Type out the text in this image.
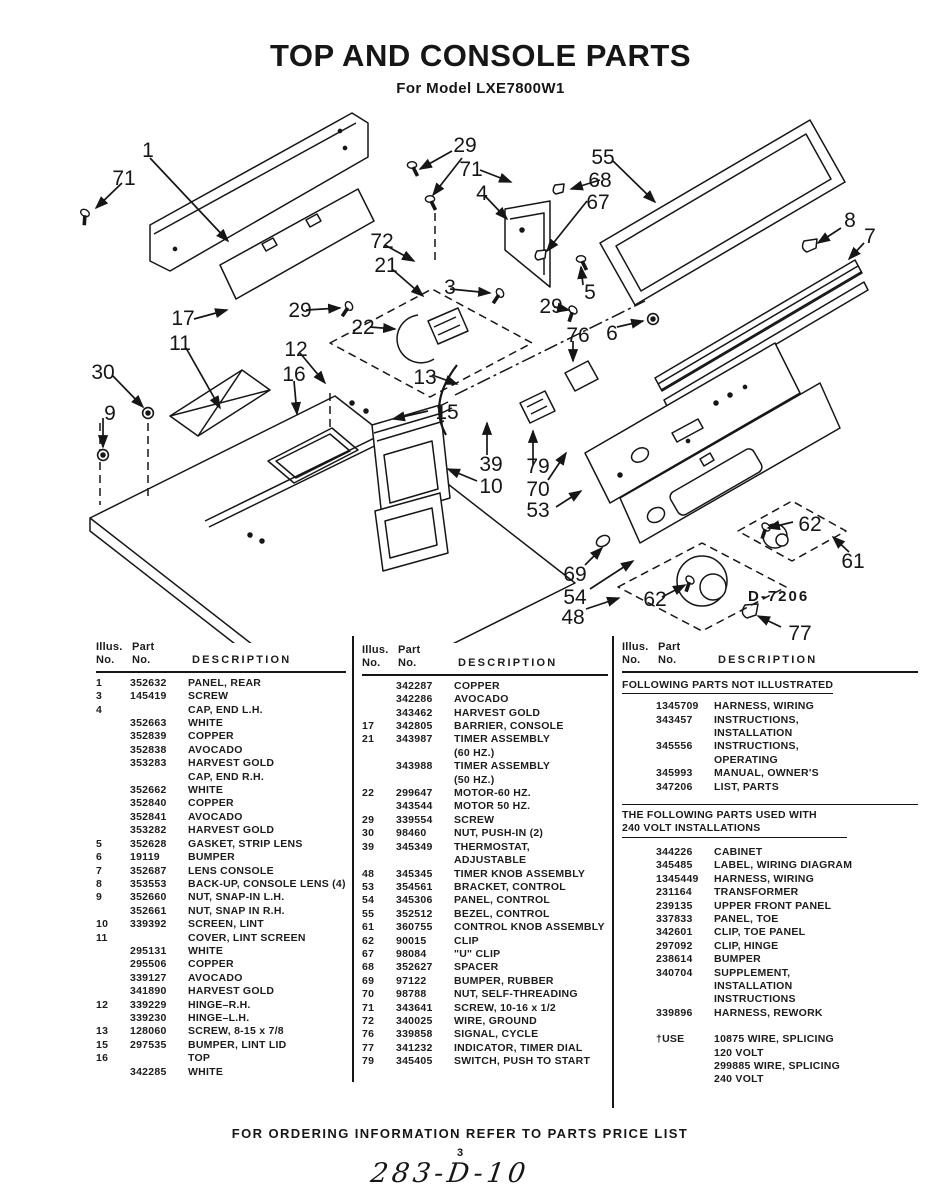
TOP AND CONSOLE PARTS
For Model LXE7800W1
D-7206
1
71
29
71
4
55
68
67
8
7
72
21
3
29
22
5
29
76 6
17
11	12
16	13
30
9	15
39
10
79
70
53
62
61
69
54
48
62
77
Illus. Part
No. No.	DESCRIPTION
1	352632	PANEL, REAR
3	145419	SCREW
4	CAP, END L.H.
352663	WHITE
352839	COPPER
352838	AVOCADO
353283	HARVEST GOLD
CAP, END R.H.
352662	WHITE
352840	COPPER
352841	AVOCADO
353282	HARVEST GOLD
5	352628	GASKET, STRIP LENS
6	19119	BUMPER
7	352687	LENS CONSOLE
8	353553	BACK-UP, CONSOLE LENS (4)
9	352660	NUT, SNAP-IN L.H.
352661	NUT, SNAP IN R.H.
10	339392	SCREEN, LINT
11	COVER, LINT SCREEN
295131	WHITE
295506	COPPER
339127	AVOCADO
341890	HARVEST GOLD
12	339229	HINGE–R.H.
339230	HINGE–L.H.
13	128060	SCREW, 8-15 x 7/8
15	297535	BUMPER, LINT LID
16	TOP
342285	WHITE
Illus. Part
No. No.	DESCRIPTION
342287	COPPER
342286	AVOCADO
343462	HARVEST GOLD
17	342805	BARRIER, CONSOLE
21	343987	TIMER ASSEMBLY
(60 HZ.)
343988	TIMER ASSEMBLY
(50 HZ.)
22	299647	MOTOR-60 HZ.
343544	MOTOR 50 HZ.
29	339554	SCREW
30	98460	NUT, PUSH-IN (2)
39	345349	THERMOSTAT,
ADJUSTABLE
48	345345	TIMER KNOB ASSEMBLY
53	354561	BRACKET, CONTROL
54	345306	PANEL, CONTROL
55	352512	BEZEL, CONTROL
61	360755	CONTROL KNOB ASSEMBLY
62	90015	CLIP
67	98084	"U" CLIP
68	352627	SPACER
69	97122	BUMPER, RUBBER
70	98788	NUT, SELF-THREADING
71	343641	SCREW, 10-16 x 1/2
72	340025	WIRE, GROUND
76	339858	SIGNAL, CYCLE
77	341232	INDICATOR, TIMER DIAL
79	345405	SWITCH, PUSH TO START
Illus. Part
No. No.	DESCRIPTION
FOLLOWING PARTS NOT ILLUSTRATED
1345709	HARNESS, WIRING
343457	INSTRUCTIONS,
INSTALLATION
345556	INSTRUCTIONS,
OPERATING
345993	MANUAL, OWNER'S
347206	LIST, PARTS
THE FOLLOWING PARTS USED WITH
240 VOLT INSTALLATIONS
344226	CABINET
345485	LABEL, WIRING DIAGRAM
1345449	HARNESS, WIRING
231164	TRANSFORMER
239135	UPPER FRONT PANEL
337833	PANEL, TOE
342601	CLIP, TOE PANEL
297092	CLIP, HINGE
238614	BUMPER
340704	SUPPLEMENT,
INSTALLATION
INSTRUCTIONS
339896	HARNESS, REWORK
†USE	10875 WIRE, SPLICING
120 VOLT
299885 WIRE, SPLICING
240 VOLT
FOR ORDERING INFORMATION REFER TO PARTS PRICE LIST
3
283-D-10
